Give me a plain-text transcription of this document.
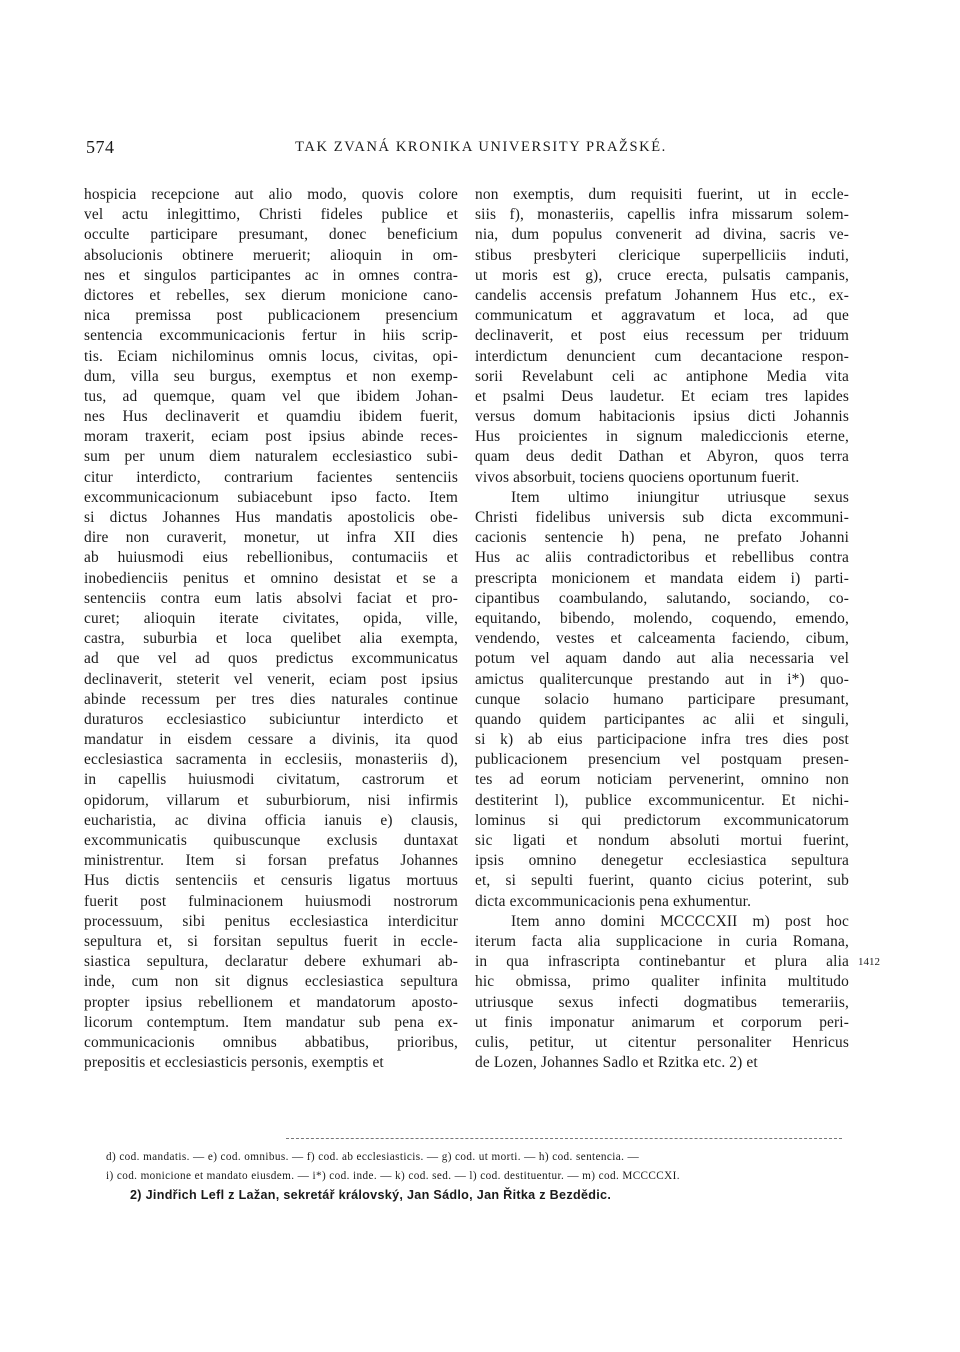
574	TAK ZVANÁ KRONIKA UNIVERSITY PRAŽSKÉ.
hospicia recepcione aut alio modo, quovis colore
vel actu inlegittimo, Christi fideles publice et
occulte participare presumant, donec beneficium
absolucionis obtinere meruerit; alioquin in om-
nes et singulos participantes ac in omnes contra-
dictores et rebelles, sex dierum monicione cano-
nica premissa post publicacionem presencium
sentencia excommunicacionis fertur in hiis scrip-
tis. Eciam nichilominus omnis locus, civitas, opi-
dum, villa seu burgus, exemptus et non exemp-
tus, ad quemque, quam vel que ibidem Johan-
nes Hus declinaverit et quamdiu ibidem fuerit,
moram traxerit, eciam post ipsius abinde reces-
sum per unum diem naturalem ecclesiastico subi-
citur interdicto, contrarium facientes sentenciis
excommunicacionum subiacebunt ipso facto. Item
si dictus Johannes Hus mandatis apostolicis obe-
dire non curaverit, monetur, ut infra XII dies
ab huiusmodi eius rebellionibus, contumaciis et
inobedienciis penitus et omnino desistat et se a
sentenciis contra eum latis absolvi faciat et pro-
curet; alioquin iterate civitates, opida, ville,
castra, suburbia et loca quelibet alia exempta,
ad que vel ad quos predictus excommunicatus
declinaverit, steterit vel venerit, eciam post ipsius
abinde recessum per tres dies naturales continue
duraturos ecclesiastico subiciuntur interdicto et
mandatur in eisdem cessare a divinis, ita quod
ecclesiastica sacramenta in ecclesiis, monasteriis d),
in capellis huiusmodi civitatum, castrorum et
opidorum, villarum et suburbiorum, nisi infirmis
eucharistia, ac divina officia ianuis e) clausis,
excommunicatis quibuscunque exclusis duntaxat
ministrentur. Item si forsan prefatus Johannes
Hus dictis sentenciis et censuris ligatus mortuus
fuerit post fulminacionem huiusmodi nostrorum
processuum, sibi penitus ecclesiastica interdicitur
sepultura et, si forsitan sepultus fuerit in eccle-
siastica sepultura, declaratur debere exhumari ab-
inde, cum non sit dignus ecclesiastica sepultura
propter ipsius rebellionem et mandatorum aposto-
licorum contemptum. Item mandatur sub pena ex-
communicacionis omnibus abbatibus, prioribus,
prepositis et ecclesiasticis personis, exemptis et
non exemptis, dum requisiti fuerint, ut in eccle-
siis f), monasteriis, capellis infra missarum solem-
nia, dum populus convenerit ad divina, sacris ve-
stibus presbyteri clericique superpelliciis induti,
ut moris est g), cruce erecta, pulsatis campanis,
candelis accensis prefatum Johannem Hus etc., ex-
communicatum et aggravatum et loca, ad que
declinaverit, et post eius recessum per triduum
interdictum denuncient cum decantacione respon-
sorii Revelabunt celi ac antiphone Media vita
et psalmi Deus laudetur. Et eciam tres lapides
versus domum habitacionis ipsius dicti Johannis
Hus proicientes in signum malediccionis eterne,
quam deus dedit Dathan et Abyron, quos terra
vivos absorbuit, tociens quociens oportunum fuerit.
Item ultimo iniungitur utriusque sexus
Christi fidelibus universis sub dicta excommuni-
cacionis sentencie h) pena, ne prefato Johanni
Hus ac aliis contradictoribus et rebellibus contra
prescripta monicionem et mandata eidem i) parti-
cipantibus coambulando, salutando, sociando, co-
equitando, bibendo, molendo, coquendo, emendo,
vendendo, vestes et calceamenta faciendo, cibum,
potum vel aquam dando aut alia necessaria vel
amictus qualitercunque prestando aut in i*) quo-
cunque solacio humano participare presumant,
quando quidem participantes ac alii et singuli,
si k) ab eius participacione infra tres dies post
publicacionem presencium vel postquam presen-
tes ad eorum noticiam pervenerint, omnino non
destiterint l), publice excommunicentur. Et nichi-
lominus si qui predictorum excommunicatorum
sic ligati et nondum absoluti mortui fuerint,
ipsis omnino denegetur ecclesiastica sepultura
et, si sepulti fuerint, quanto cicius poterint, sub
dicta excommunicacionis pena exhumentur.
Item anno domini MCCCCXII m) post hoc
iterum facta alia supplicacione in curia Romana,
in qua infrascripta continebantur et plura alia
hic obmissa, primo qualiter infinita multitudo
utriusque sexus infecti dogmatibus temerariis,
ut finis imponatur animarum et corporum peri-
culis, petitur, ut citentur personaliter Henricus
de Lozen, Johannes Sadlo et Rzitka etc. 2) et
1412
d) cod. mandatis. — e) cod. omnibus. — f) cod. ab ecclesiasticis. — g) cod. ut morti. — h) cod. sentencia. —
i) cod. monicione et mandato eiusdem. — i*) cod. inde. — k) cod. sed. — l) cod. destituentur. — m) cod. MCCCCXI.
2) Jindřich Lefl z Lažan, sekretář královský, Jan Sádlo, Jan Řitka z Bezdědic.
